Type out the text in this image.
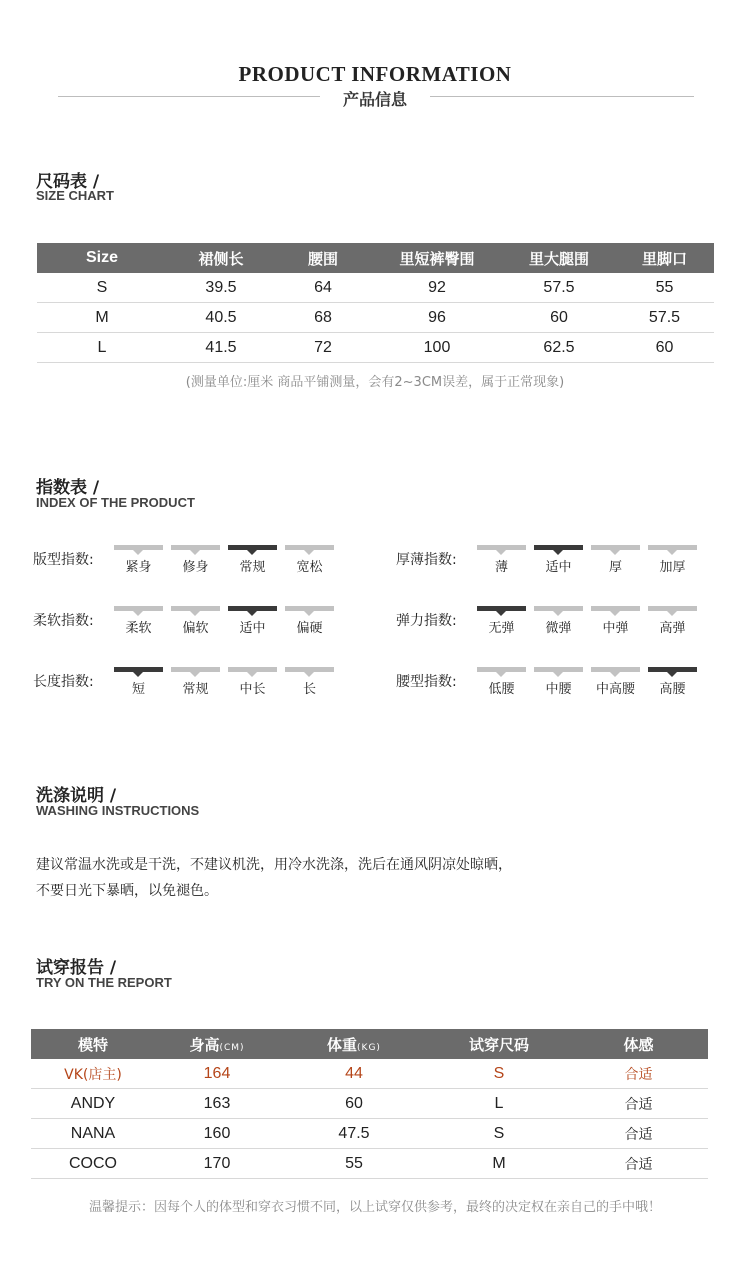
PRODUCT INFORMATION
产品信息
尺码表 /
SIZE CHART
Size	裙侧长	腰围	里短裤臀围	里大腿围	里脚口
S	39.5	64	92	57.5	55
M	40.5	68	96	60	57.5
L	41.5	72	100	62.5	60
(测量单位:厘米 商品平铺测量，会有2~3CM误差，属于正常现象)
指数表 /
INDEX OF THE PRODUCT
版型指数:	紧身	修身	常规	宽松	厚薄指数:	薄	适中	厚	加厚
柔软指数:	柔软	偏软	适中	偏硬	弹力指数:	无弹	微弹	中弹	高弹
长度指数:	短	常规	中长	长	腰型指数:	低腰	中腰	中高腰	高腰
洗涤说明 /
WASHING INSTRUCTIONS
建议常温水洗或是干洗，不建议机洗，用冷水洗涤，洗后在通风阴凉处晾晒，
不要日光下暴晒，以免褪色。
试穿报告 /
TRY ON THE REPORT
模特	身高(CM)	体重(KG)	试穿尺码	体感
VK(店主)	164	44	S	合适
ANDY	163	60	L	合适
NANA	160	47.5	S	合适
COCO	170	55	M	合适
温馨提示：因每个人的体型和穿衣习惯不同，以上试穿仅供参考，最终的决定权在亲自己的手中哦！
